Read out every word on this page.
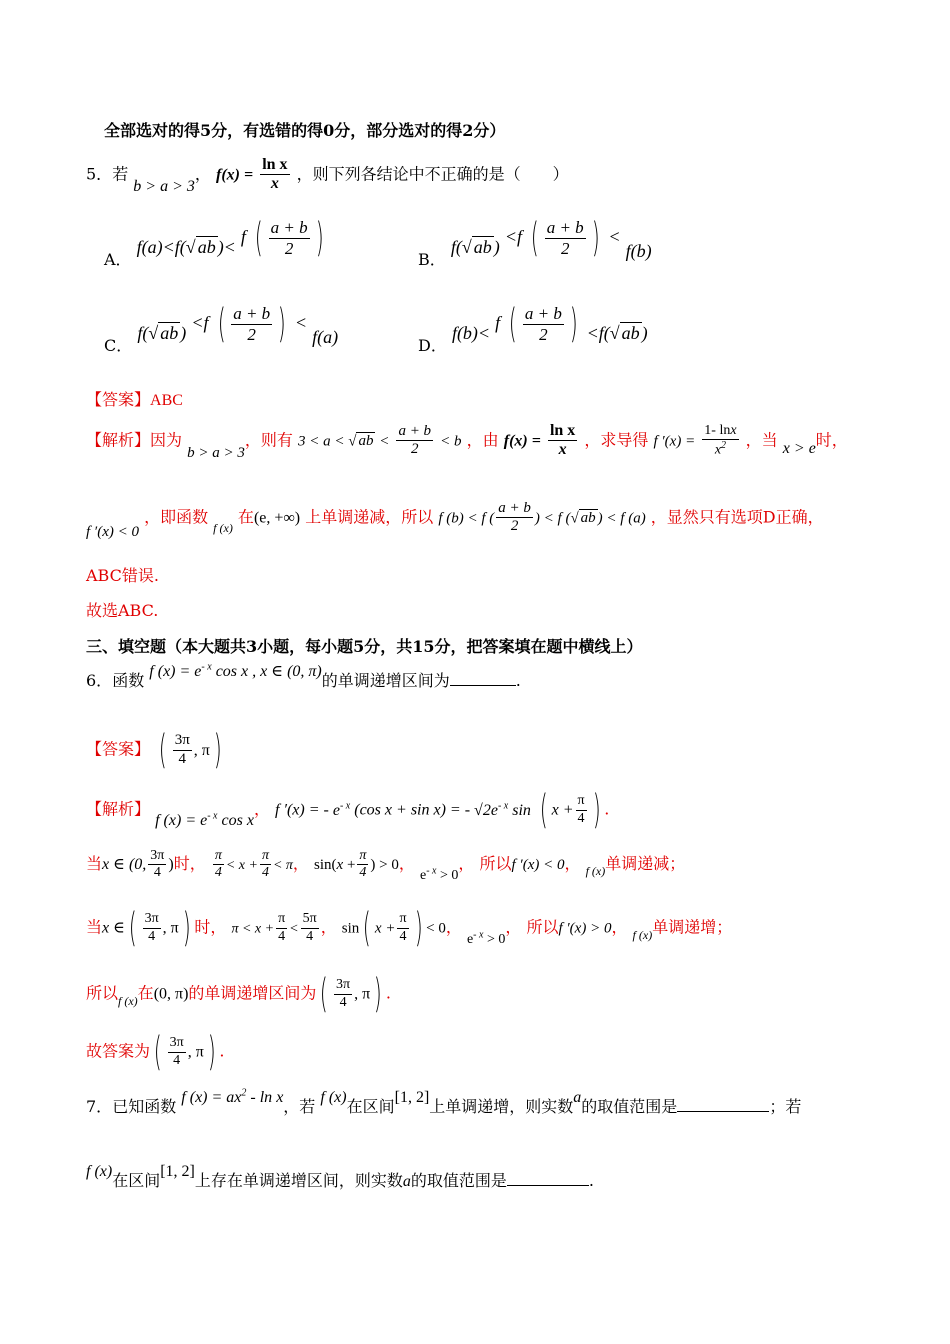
全部选对的得5分，有选错的得0分，部分选对的得2分）
5．若 b > a > 3， $f(x) = \frac{\text{ln x}}{x}$ ，则下列各结论中不正确的是（　　）
A． f(a)<f(√ ab )< f ( $\frac{a + b}{2}$ )	B． f(√ ab ) <f ( $\frac{a + b}{2}$ ) < f(b)
C． f(√ ab ) <f ( $\frac{a + b}{2}$ ) < f(a)	D． f(b)< f ( $\frac{a + b}{2}$ ) <f(√ ab )
【答案】ABC
【解析】因为 b > a > 3，则有 3 < a < √ ab < $\frac{a + b}{2} < b$ ，由 $f(x) = \frac{\text{ln x}}{x}$ ，求导得 f $'(x) = \frac{1- \ln x}{x^2}$ ，当 x > e时，
f ′(x) < 0 ，即函数 $_{f (x)}$ 在(e, +∞) 上单调递减，所以 f (b) < f ( $\frac{a + b}{2}$ ) < f (√ ab ) < f (a) ，显然只有选项D正确，
ABC错误.
故选ABC.
三、填空题（本大题共3小题，每小题5分，共15分，把答案填在题中横线上）
6．函数 f $(x) = e^{- x}$ cos x , x ∈ (0, π)的单调递增区间为	.
【答案】 ( $\frac{3\pi}{4}$ , π)
【解析】 f $(x) = e^{- x}$ cos x， f ′(x) = - $e^{- x}$ (cos x + sin x) = - $√2e^{- x}$ sin ( $x + \frac{\pi}{4}$ ) .
当x ∈ (0, $\frac{3\pi}{4}$ )时， $\frac{\pi}{4} < x + \frac{\pi}{4} < \pi$， $\sin(x + \frac{\pi}{4}$ ) > 0， $e^{- x} > 0$， 所以f ′(x) < 0， $_{f (x)}$单调递减；
当x ∈( $\frac{3\pi}{4}$ , π) 时， $\pi < x + \frac{\pi}{4} < \frac{5\pi}{4}$ ， sin( $x + \frac{\pi}{4}$ ) < 0， $e^{- x} > 0$， 所以f ′(x) > 0， $_{f (x)}$单调递增；
所以$_{f (x)}$在(0, π)的单调递增区间为( $\frac{3\pi}{4}$ , π) .
故答案为( $\frac{3\pi}{4}$ , π) .
7．已知函数 f $(x) = ax^2 - \ln x$，若 f (x)在区间[1, 2]上单调递增，则实数a的取值范围是	；若
f (x)在区间[1, 2]上存在单调递增区间，则实数a的取值范围是	.
